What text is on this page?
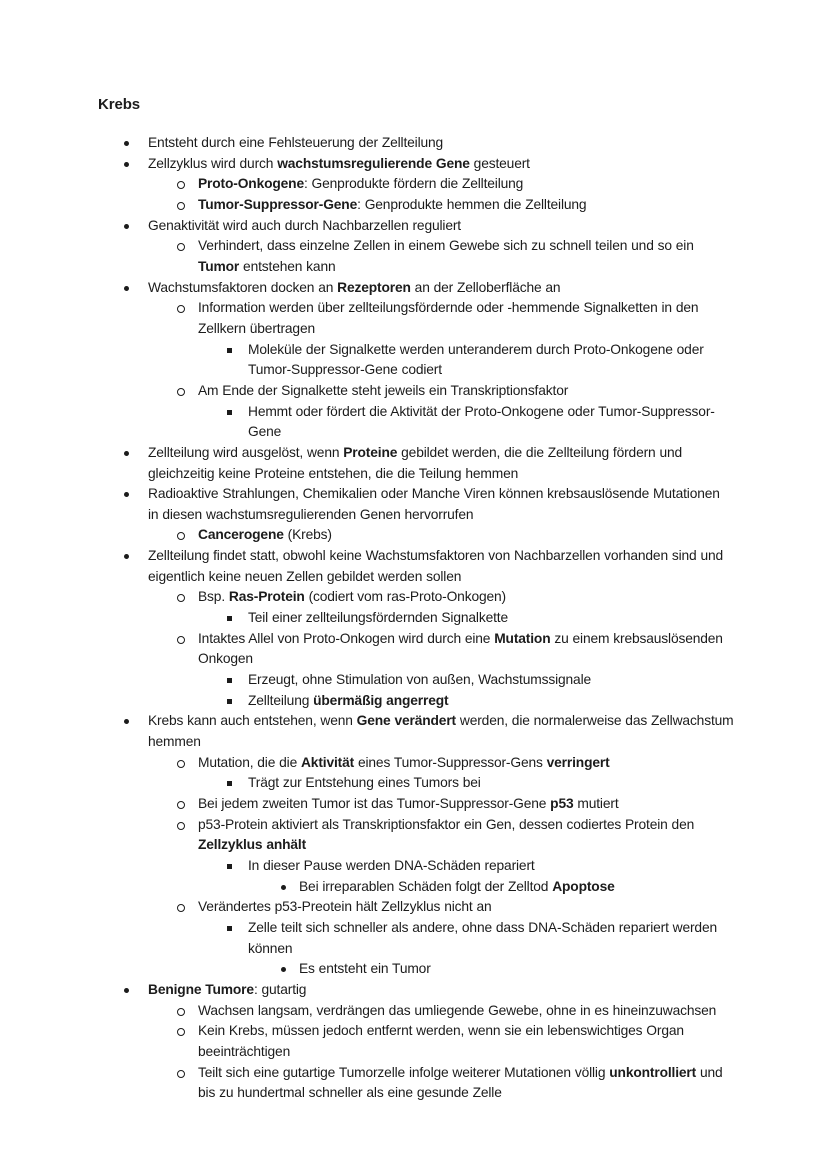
Krebs
Entsteht durch eine Fehlsteuerung der Zellteilung
Zellzyklus wird durch wachstumsregulierende Gene gesteuert
Proto-Onkogene: Genprodukte fördern die Zellteilung
Tumor-Suppressor-Gene: Genprodukte hemmen die Zellteilung
Genaktivität wird auch durch Nachbarzellen reguliert
Verhindert, dass einzelne Zellen in einem Gewebe sich zu schnell teilen und so ein Tumor entstehen kann
Wachstumsfaktoren docken an Rezeptoren an der Zelloberfläche an
Information werden über zellteilungsfördernde oder -hemmende Signalketten in den Zellkern übertragen
Moleküle der Signalkette werden unteranderem durch Proto-Onkogene oder Tumor-Suppressor-Gene codiert
Am Ende der Signalkette steht jeweils ein Transkriptionsfaktor
Hemmt oder fördert die Aktivität der Proto-Onkogene oder Tumor-Suppressor-Gene
Zellteilung wird ausgelöst, wenn Proteine gebildet werden, die die Zellteilung fördern und gleichzeitig keine Proteine entstehen, die die Teilung hemmen
Radioaktive Strahlungen, Chemikalien oder Manche Viren können krebsauslösende Mutationen in diesen wachstumsregulierenden Genen hervorrufen
Cancerogene (Krebs)
Zellteilung findet statt, obwohl keine Wachstumsfaktoren von Nachbarzellen vorhanden sind und eigentlich keine neuen Zellen gebildet werden sollen
Bsp. Ras-Protein (codiert vom ras-Proto-Onkogen)
Teil einer zellteilungsfördernden Signalkette
Intaktes Allel von Proto-Onkogen wird durch eine Mutation zu einem krebsauslösenden Onkogen
Erzeugt, ohne Stimulation von außen, Wachstumssignale
Zellteilung übermäßig angerregt
Krebs kann auch entstehen, wenn Gene verändert werden, die normalerweise das Zellwachstum hemmen
Mutation, die die Aktivität eines Tumor-Suppressor-Gens verringert
Trägt zur Entstehung eines Tumors bei
Bei jedem zweiten Tumor ist das Tumor-Suppressor-Gene p53 mutiert
p53-Protein aktiviert als Transkriptionsfaktor ein Gen, dessen codiertes Protein den Zellzyklus anhält
In dieser Pause werden DNA-Schäden repariert
Bei irreparablen Schäden folgt der Zelltod Apoptose
Verändertes p53-Preotein hält Zellzyklus nicht an
Zelle teilt sich schneller als andere, ohne dass DNA-Schäden repariert werden können
Es entsteht ein Tumor
Benigne Tumore: gutartig
Wachsen langsam, verdrängen das umliegende Gewebe, ohne in es hineinzuwachsen
Kein Krebs, müssen jedoch entfernt werden, wenn sie ein lebenswichtiges Organ beeinträchtigen
Teilt sich eine gutartige Tumorzelle infolge weiterer Mutationen völlig unkontrolliert und bis zu hundertmal schneller als eine gesunde Zelle
